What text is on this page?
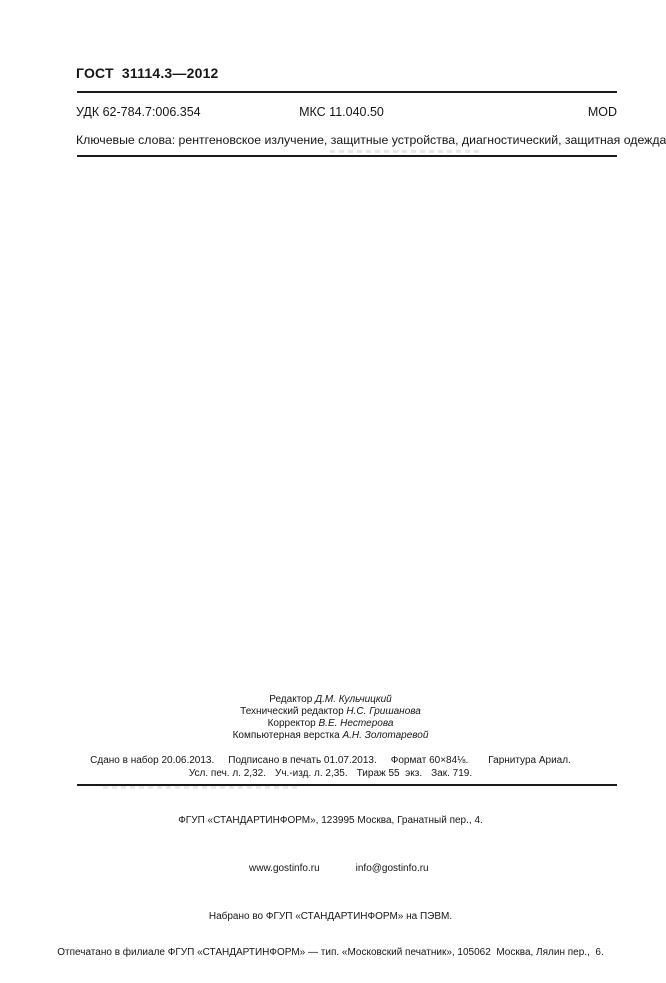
ГОСТ  31114.3—2012
УДК 62-784.7:006.354	МКС 11.040.50	MOD
Ключевые слова: рентгеновское излучение, защитные устройства, диагностический, защитная одежда
Редактор Д.М. Кульчицкий
Технический редактор Н.С. Гришанова
Корректор В.Е. Нестерова
Компьютерная верстка А.Н. Золотаревой
Сдано в набор 20.06.2013. Подписано в печать 01.07.2013. Формат 60×84⅛. Гарнитура Ариал.
Усл. печ. л. 2,32. Уч.-изд. л. 2,35. Тираж 55  экз. Зак. 719.

ФГУП «СТАНДАРТИНФОРМ», 123995 Москва, Гранатный пер., 4.

www.gostinfo.ru	info@gostinfo.ru

Набрано во ФГУП «СТАНДАРТИНФОРМ» на ПЭВМ.

Отпечатано в филиале ФГУП «СТАНДАРТИНФОРМ» — тип. «Московский печатник», 105062  Москва, Лялин пер.,  6.
